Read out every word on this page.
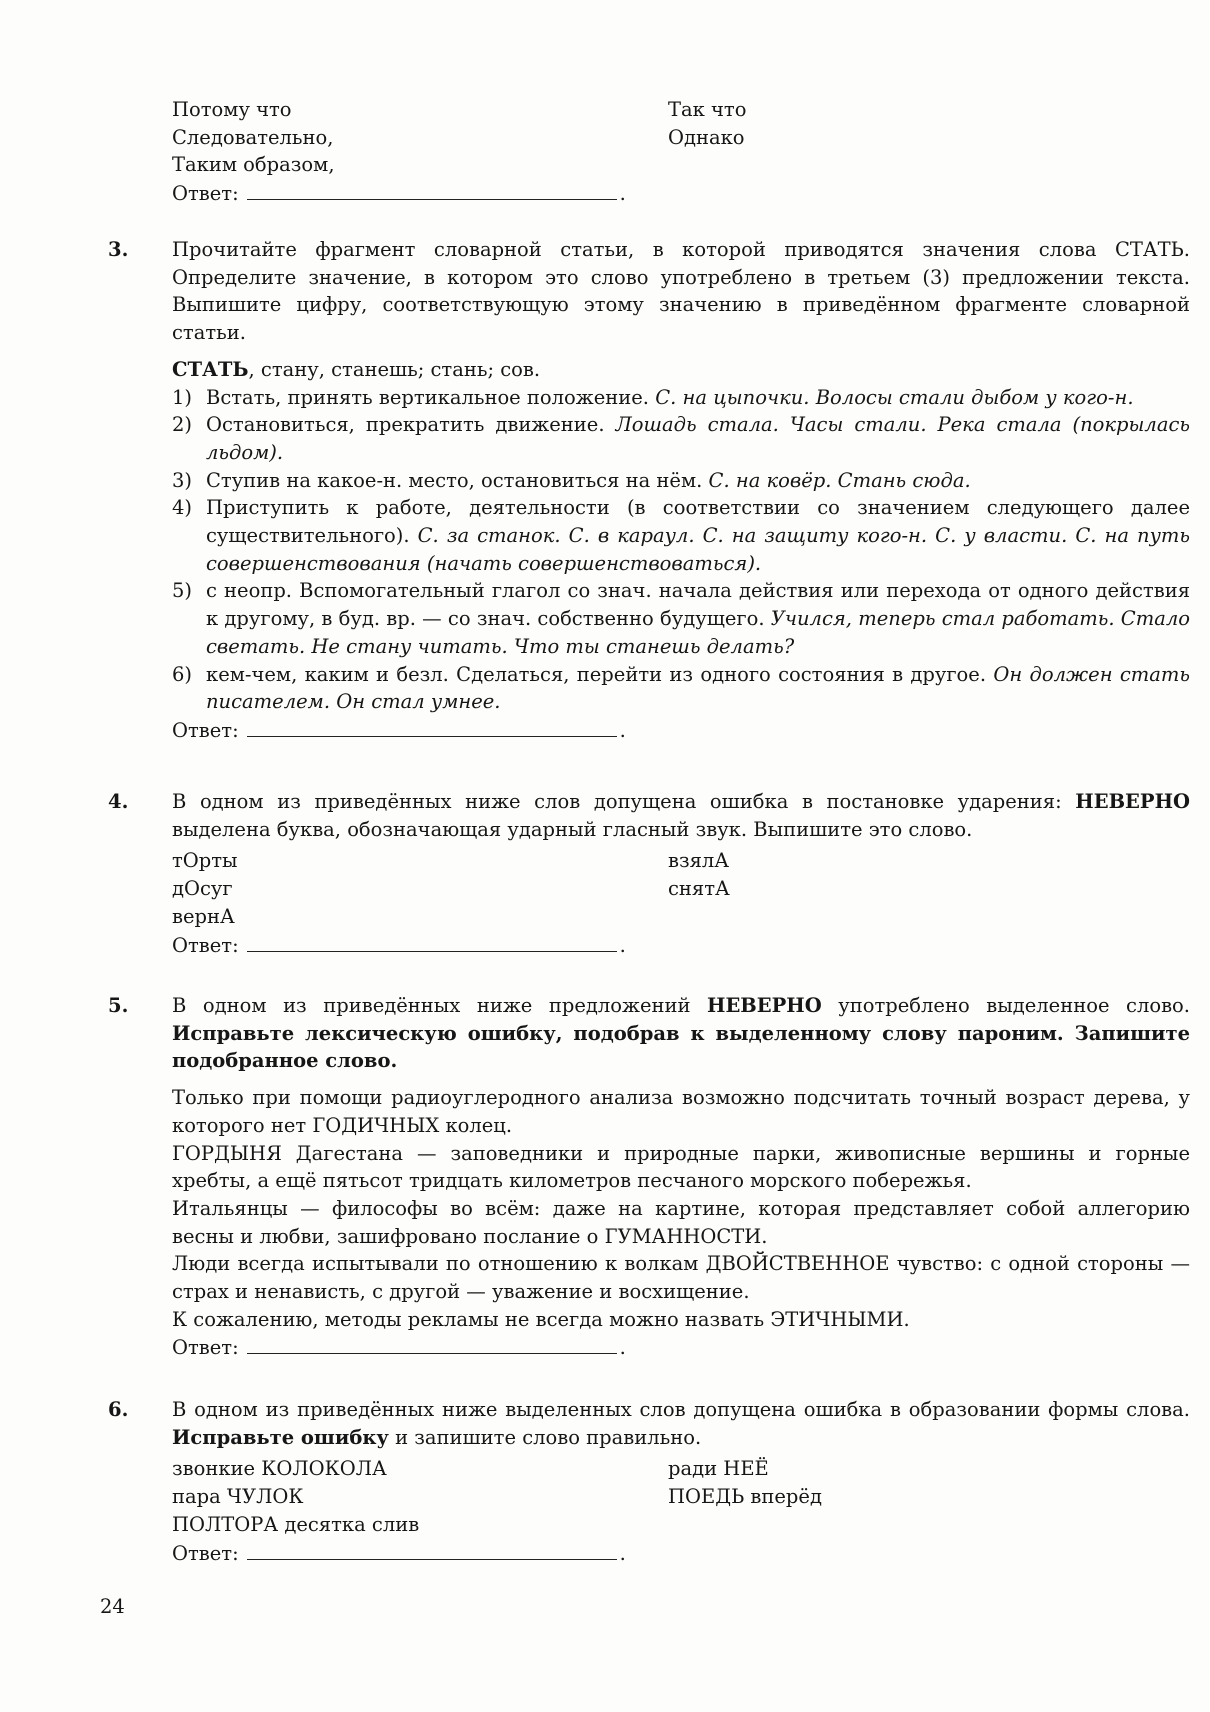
Потому что
Следовательно,
Таким образом,
Так что
Однако
Ответ:	.
3.	Прочитайте фрагмент словарной статьи, в которой приводятся значения слова СТАТЬ. Определите значение, в котором это слово употреблено в третьем (3) предложении текста. Выпишите цифру, соответствующую этому значению в приведённом фрагменте словарной статьи.

СТАТЬ, стану, станешь; стань; сов.
1) Встать, принять вертикальное положение. С. на цыпочки. Волосы стали дыбом у кого-н.
2) Остановиться, прекратить движение. Лошадь стала. Часы стали. Река стала (покрылась льдом).
3) Ступив на какое-н. место, остановиться на нём. С. на ковёр. Стань сюда.
4) Приступить к работе, деятельности (в соответствии со значением следующего далее существительного). С. за станок. С. в караул. С. на защиту кого-н. С. у власти. С. на путь совершенствования (начать совершенствоваться).
5) с неопр. Вспомогательный глагол со знач. начала действия или перехода от одного действия к другому, в буд. вр. — со знач. собственно будущего. Учился, теперь стал работать. Стало светать. Не стану читать. Что ты станешь делать?
6) кем-чем, каким и безл. Сделаться, перейти из одного состояния в другое. Он должен стать писателем. Он стал умнее.
Ответ:	.
4.	В одном из приведённых ниже слов допущена ошибка в постановке ударения: НЕВЕРНО выделена буква, обозначающая ударный гласный звук. Выпишите это слово.

тОрты
дОсуг
вернА
взялА
снятА
Ответ:	.
5.	В одном из приведённых ниже предложений НЕВЕРНО употреблено выделенное слово. Исправьте лексическую ошибку, подобрав к выделенному слову пароним. Запишите подобранное слово.

Только при помощи радиоуглеродного анализа возможно подсчитать точный возраст дерева, у которого нет ГОДИЧНЫХ колец.

ГОРДЫНЯ Дагестана — заповедники и природные парки, живописные вершины и горные хребты, а ещё пятьсот тридцать километров песчаного морского побережья.

Итальянцы — философы во всём: даже на картине, которая представляет собой аллегорию весны и любви, зашифровано послание о ГУМАННОСТИ.

Люди всегда испытывали по отношению к волкам ДВОЙСТВЕННОЕ чувство: с одной стороны — страх и ненависть, с другой — уважение и восхищение.

К сожалению, методы рекламы не всегда можно назвать ЭТИЧНЫМИ.

Ответ:	.
6.	В одном из приведённых ниже выделенных слов допущена ошибка в образовании формы слова. Исправьте ошибку и запишите слово правильно.

звонкие КОЛОКОЛА
пара ЧУЛОК
ПОЛТОРА десятка слив
ради НЕЁ
ПОЕДЬ вперёд
Ответ:	.
24
